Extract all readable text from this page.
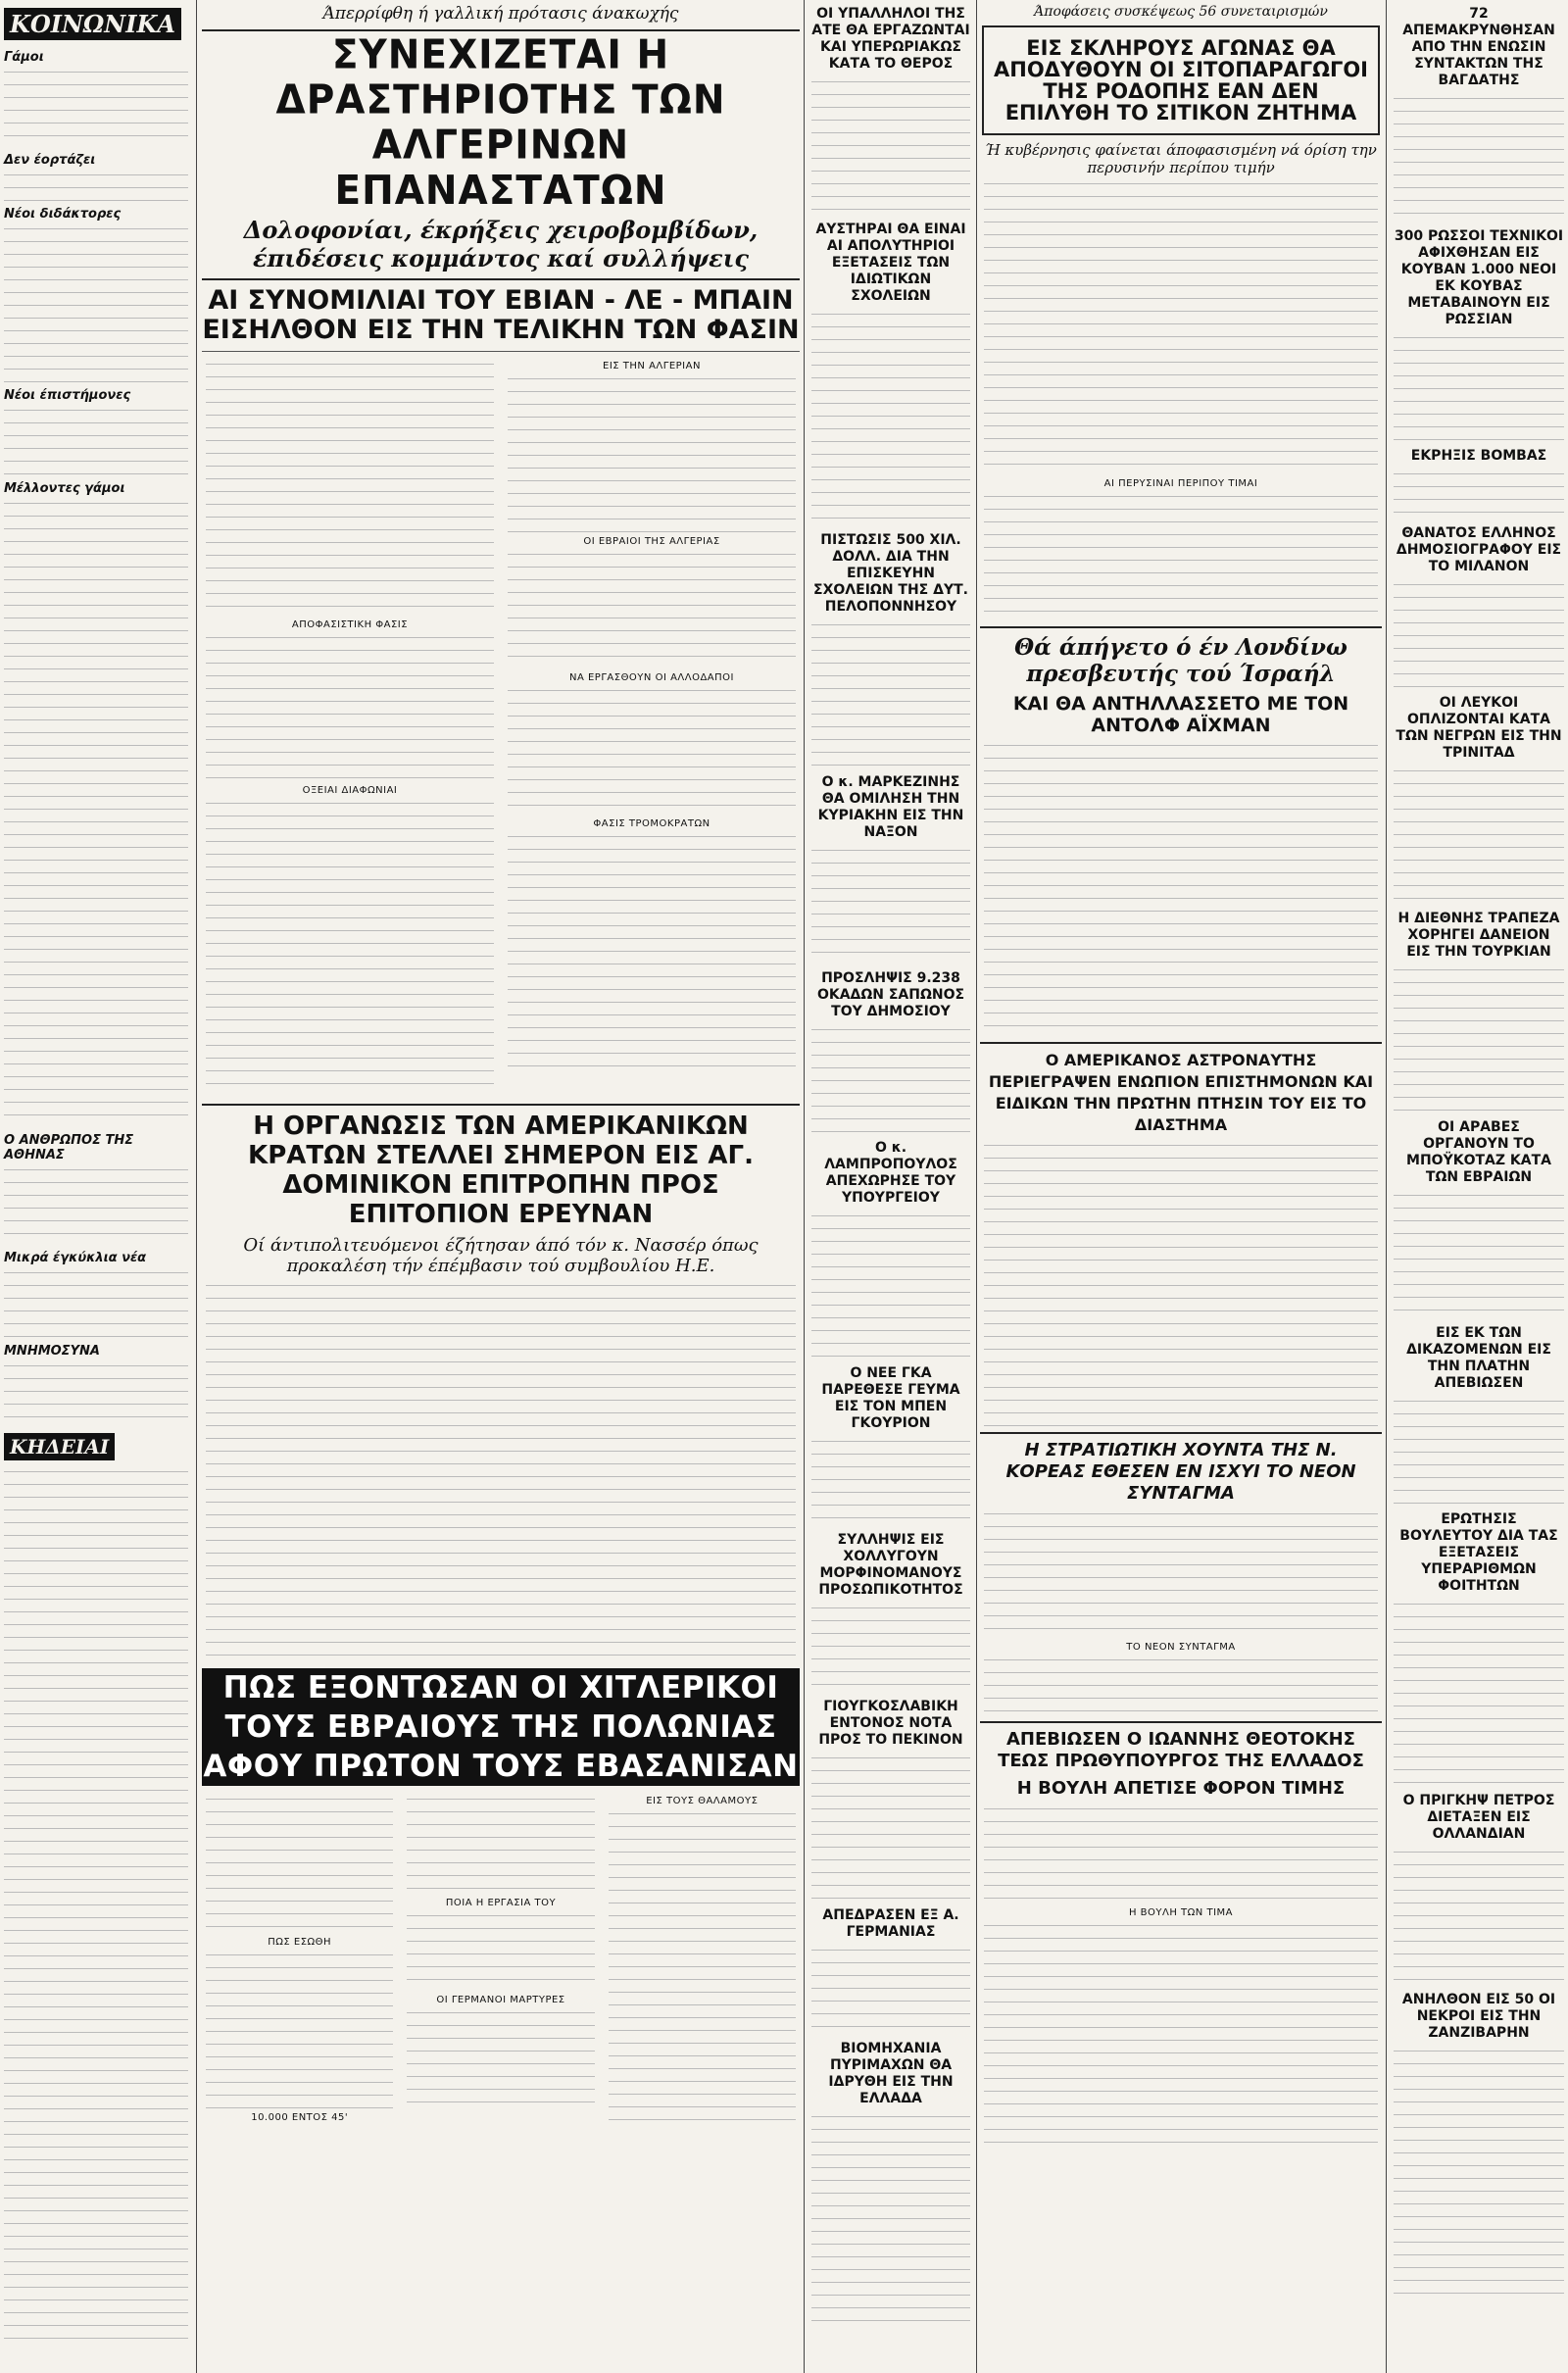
ΚΟΙΝΩΝΙΚΑ
Γάμοι
Δεν έορτάζει
Νέοι διδάκτορες
Νέοι έπιστήμονες
Μέλλοντες γάμοι
Ο ΑΝΘΡΩΠΟΣ ΤΗΣ ΑΘΗΝΑΣ
Μικρά έγκύκλια νέα
ΜΝΗΜΟΣΥΝΑ
ΚΗΔΕΙΑΙ
Άπερρίφθη ή γαλλική πρότασις άνακωχής
ΣΥΝΕΧΙΖΕΤΑΙ Η ΔΡΑΣΤΗΡΙΟΤΗΣ ΤΩΝ ΑΛΓΕΡΙΝΩΝ ΕΠΑΝΑΣΤΑΤΩΝ
Δολοφονίαι, έκρήξεις χειροβομβίδων, έπιδέσεις κομμάντος καί συλλήψεις
ΑΙ ΣΥΝΟΜΙΛΙΑΙ ΤΟΥ ΕΒΙΑΝ - ΛΕ - ΜΠΑΙΝ ΕΙΣΗΛΘΟΝ ΕΙΣ ΤΗΝ ΤΕΛΙΚΗΝ ΤΩΝ ΦΑΣΙΝ
ΑΠΟΦΑΣΙΣΤΙΚΗ ΦΑΣΙΣ
ΟΞΕΙΑΙ ΔΙΑΦΩΝΙΑΙ
ΕΙΣ ΤΗΝ ΑΛΓΕΡΙΑΝ
ΟΙ ΕΒΡΑΙΟΙ ΤΗΣ ΑΛΓΕΡΙΑΣ
ΝΑ ΕΡΓΑΣΘΟΥΝ ΟΙ ΑΛΛΟΔΑΠΟΙ
ΦΑΣΙΣ ΤΡΟΜΟΚΡΑΤΩΝ
Η ΟΡΓΑΝΩΣΙΣ ΤΩΝ ΑΜΕΡΙΚΑΝΙΚΩΝ ΚΡΑΤΩΝ ΣΤΕΛΛΕΙ ΣΗΜΕΡΟΝ ΕΙΣ ΑΓ. ΔΟΜΙΝΙΚΟΝ ΕΠΙΤΡΟΠΗΝ ΠΡΟΣ ΕΠΙΤΟΠΙΟΝ ΕΡΕΥΝΑΝ
Οί άντιπολιτευόμενοι έζήτησαν άπό τόν κ. Νασσέρ όπως προκαλέση τήν έπέμβασιν τού συμβουλίου Η.Ε.
ΠΩΣ ΕΞΟΝΤΩΣΑΝ ΟΙ ΧΙΤΛΕΡΙΚΟΙ
ΤΟΥΣ ΕΒΡΑΙΟΥΣ ΤΗΣ ΠΟΛΩΝΙΑΣ
ΑΦΟΥ ΠΡΩΤΟΝ ΤΟΥΣ ΕΒΑΣΑΝΙΣΑΝ
ΠΩΣ ΕΣΩΘΗ
10.000 ΕΝΤΟΣ 45'
ΠΟΙΑ Η ΕΡΓΑΣΙΑ ΤΟΥ
ΟΙ ΓΕΡΜΑΝΟΙ ΜΑΡΤΥΡΕΣ
ΕΙΣ ΤΟΥΣ ΘΑΛΑΜΟΥΣ
ΟΙ ΥΠΑΛΛΗΛΟΙ ΤΗΣ ΑΤΕ ΘΑ ΕΡΓΑΖΩΝΤΑΙ ΚΑΙ ΥΠΕΡΩΡΙΑΚΩΣ ΚΑΤΑ ΤΟ ΘΕΡΟΣ
ΑΥΣΤΗΡΑΙ ΘΑ ΕΙΝΑΙ ΑΙ ΑΠΟΛΥΤΗΡΙΟΙ ΕΞΕΤΑΣΕΙΣ ΤΩΝ ΙΔΙΩΤΙΚΩΝ ΣΧΟΛΕΙΩΝ
ΠΙΣΤΩΣΙΣ 500 ΧΙΛ. ΔΟΛΛ. ΔΙΑ ΤΗΝ ΕΠΙΣΚΕΥΗΝ ΣΧΟΛΕΙΩΝ ΤΗΣ ΔΥΤ. ΠΕΛΟΠΟΝΝΗΣΟΥ
Ο κ. ΜΑΡΚΕΖΙΝΗΣ ΘΑ ΟΜΙΛΗΣΗ ΤΗΝ ΚΥΡΙΑΚΗΝ ΕΙΣ ΤΗΝ ΝΑΞΟΝ
ΠΡΟΣΛΗΨΙΣ 9.238 ΟΚΑΔΩΝ ΣΑΠΩΝΟΣ ΤΟΥ ΔΗΜΟΣΙΟΥ
Ο κ. ΛΑΜΠΡΟΠΟΥΛΟΣ ΑΠΕΧΩΡΗΣΕ ΤΟΥ ΥΠΟΥΡΓΕΙΟΥ
Ο ΝΕΕ ΓΚΑ ΠΑΡΕΘΕΣΕ ΓΕΥΜΑ ΕΙΣ ΤΟΝ ΜΠΕΝ ΓΚΟΥΡΙΟΝ
ΣΥΛΛΗΨΙΣ ΕΙΣ ΧΟΛΛΥΓΟΥΝ ΜΟΡΦΙΝΟΜΑΝΟΥΣ ΠΡΟΣΩΠΙΚΟΤΗΤΟΣ
ΓΙΟΥΓΚΟΣΛΑΒΙΚΗ ΕΝΤΟΝΟΣ ΝΟΤΑ ΠΡΟΣ ΤΟ ΠΕΚΙΝΟΝ
ΑΠΕΔΡΑΣΕΝ ΕΞ Α. ΓΕΡΜΑΝΙΑΣ
ΒΙΟΜΗΧΑΝΙΑ ΠΥΡΙΜΑΧΩΝ ΘΑ ΙΔΡΥΘΗ ΕΙΣ ΤΗΝ ΕΛΛΑΔΑ
Άποφάσεις συσκέψεως 56 συνεταιρισμών
ΕΙΣ ΣΚΛΗΡΟΥΣ ΑΓΩΝΑΣ ΘΑ ΑΠΟΔΥΘΟΥΝ ΟΙ ΣΙΤΟΠΑΡΑΓΩΓΟΙ ΤΗΣ ΡΟΔΟΠΗΣ ΕΑΝ ΔΕΝ ΕΠΙΛΥΘΗ ΤΟ ΣΙΤΙΚΟΝ ΖΗΤΗΜΑ
Ή κυβέρνησις φαίνεται άποφασισμένη νά όρίση την περυσινήν περίπου τιμήν
ΑΙ ΠΕΡΥΣΙΝΑΙ ΠΕΡΙΠΟΥ ΤΙΜΑΙ
Θά άπήγετο ό έν Λονδίνω πρεσβευτής τού Ίσραήλ
ΚΑΙ ΘΑ ΑΝΤΗΛΛΑΣΣΕΤΟ ΜΕ ΤΟΝ ΑΝΤΟΛΦ ΑΪΧΜΑΝ
Ο ΑΜΕΡΙΚΑΝΟΣ ΑΣΤΡΟΝΑΥΤΗΣ ΠΕΡΙΕΓΡΑΨΕΝ ΕΝΩΠΙΟΝ ΕΠΙΣΤΗΜΟΝΩΝ ΚΑΙ ΕΙΔΙΚΩΝ ΤΗΝ ΠΡΩΤΗΝ ΠΤΗΣΙΝ ΤΟΥ ΕΙΣ ΤΟ ΔΙΑΣΤΗΜΑ
Η ΣΤΡΑΤΙΩΤΙΚΗ ΧΟΥΝΤΑ ΤΗΣ Ν. ΚΟΡΕΑΣ ΕΘΕΣΕΝ ΕΝ ΙΣΧΥΙ ΤΟ ΝΕΟΝ ΣΥΝΤΑΓΜΑ
ΤΟ ΝΕΟΝ ΣΥΝΤΑΓΜΑ
ΑΠΕΒΙΩΣΕΝ Ο ΙΩΑΝΝΗΣ ΘΕΟΤΟΚΗΣ ΤΕΩΣ ΠΡΩΘΥΠΟΥΡΓΟΣ ΤΗΣ ΕΛΛΑΔΟΣ
Η ΒΟΥΛΗ ΑΠΕΤΙΣΕ ΦΟΡΟΝ ΤΙΜΗΣ
Η ΒΟΥΛΗ ΤΩΝ ΤΙΜΑ
72 ΑΠΕΜΑΚΡΥΝΘΗΣΑΝ ΑΠΟ ΤΗΝ ΕΝΩΣΙΝ ΣΥΝΤΑΚΤΩΝ ΤΗΣ ΒΑΓΔΑΤΗΣ
300 ΡΩΣΣΟΙ ΤΕΧΝΙΚΟΙ ΑΦΙΧΘΗΣΑΝ ΕΙΣ ΚΟΥΒΑΝ 1.000 ΝΕΟΙ ΕΚ ΚΟΥΒΑΣ ΜΕΤΑΒΑΙΝΟΥΝ ΕΙΣ ΡΩΣΣΙΑΝ
ΕΚΡΗΞΙΣ ΒΟΜΒΑΣ
ΘΑΝΑΤΟΣ ΕΛΛΗΝΟΣ ΔΗΜΟΣΙΟΓΡΑΦΟΥ ΕΙΣ ΤΟ ΜΙΛΑΝΟΝ
ΟΙ ΛΕΥΚΟΙ ΟΠΛΙΖΟΝΤΑΙ ΚΑΤΑ ΤΩΝ ΝΕΓΡΩΝ ΕΙΣ ΤΗΝ ΤΡΙΝΙΤΑΔ
Η ΔΙΕΘΝΗΣ ΤΡΑΠΕΖΑ ΧΟΡΗΓΕΙ ΔΑΝΕΙΟΝ ΕΙΣ ΤΗΝ ΤΟΥΡΚΙΑΝ
ΟΙ ΑΡΑΒΕΣ ΟΡΓΑΝΟΥΝ ΤΟ ΜΠΟΫΚΟΤΑΖ ΚΑΤΑ ΤΩΝ ΕΒΡΑΙΩΝ
ΕΙΣ ΕΚ ΤΩΝ ΔΙΚΑΖΟΜΕΝΩΝ ΕΙΣ ΤΗΝ ΠΛΑΤΗΝ ΑΠΕΒΙΩΣΕΝ
ΕΡΩΤΗΣΙΣ ΒΟΥΛΕΥΤΟΥ ΔΙΑ ΤΑΣ ΕΞΕΤΑΣΕΙΣ ΥΠΕΡΑΡΙΘΜΩΝ ΦΟΙΤΗΤΩΝ
Ο ΠΡΙΓΚΗΨ ΠΕΤΡΟΣ ΔΙΕΤΑΞΕΝ ΕΙΣ ΟΛΛΑΝΔΙΑΝ
ΑΝΗΛΘΟΝ ΕΙΣ 50 ΟΙ ΝΕΚΡΟΙ ΕΙΣ ΤΗΝ ΖΑΝΖΙΒΑΡΗΝ
